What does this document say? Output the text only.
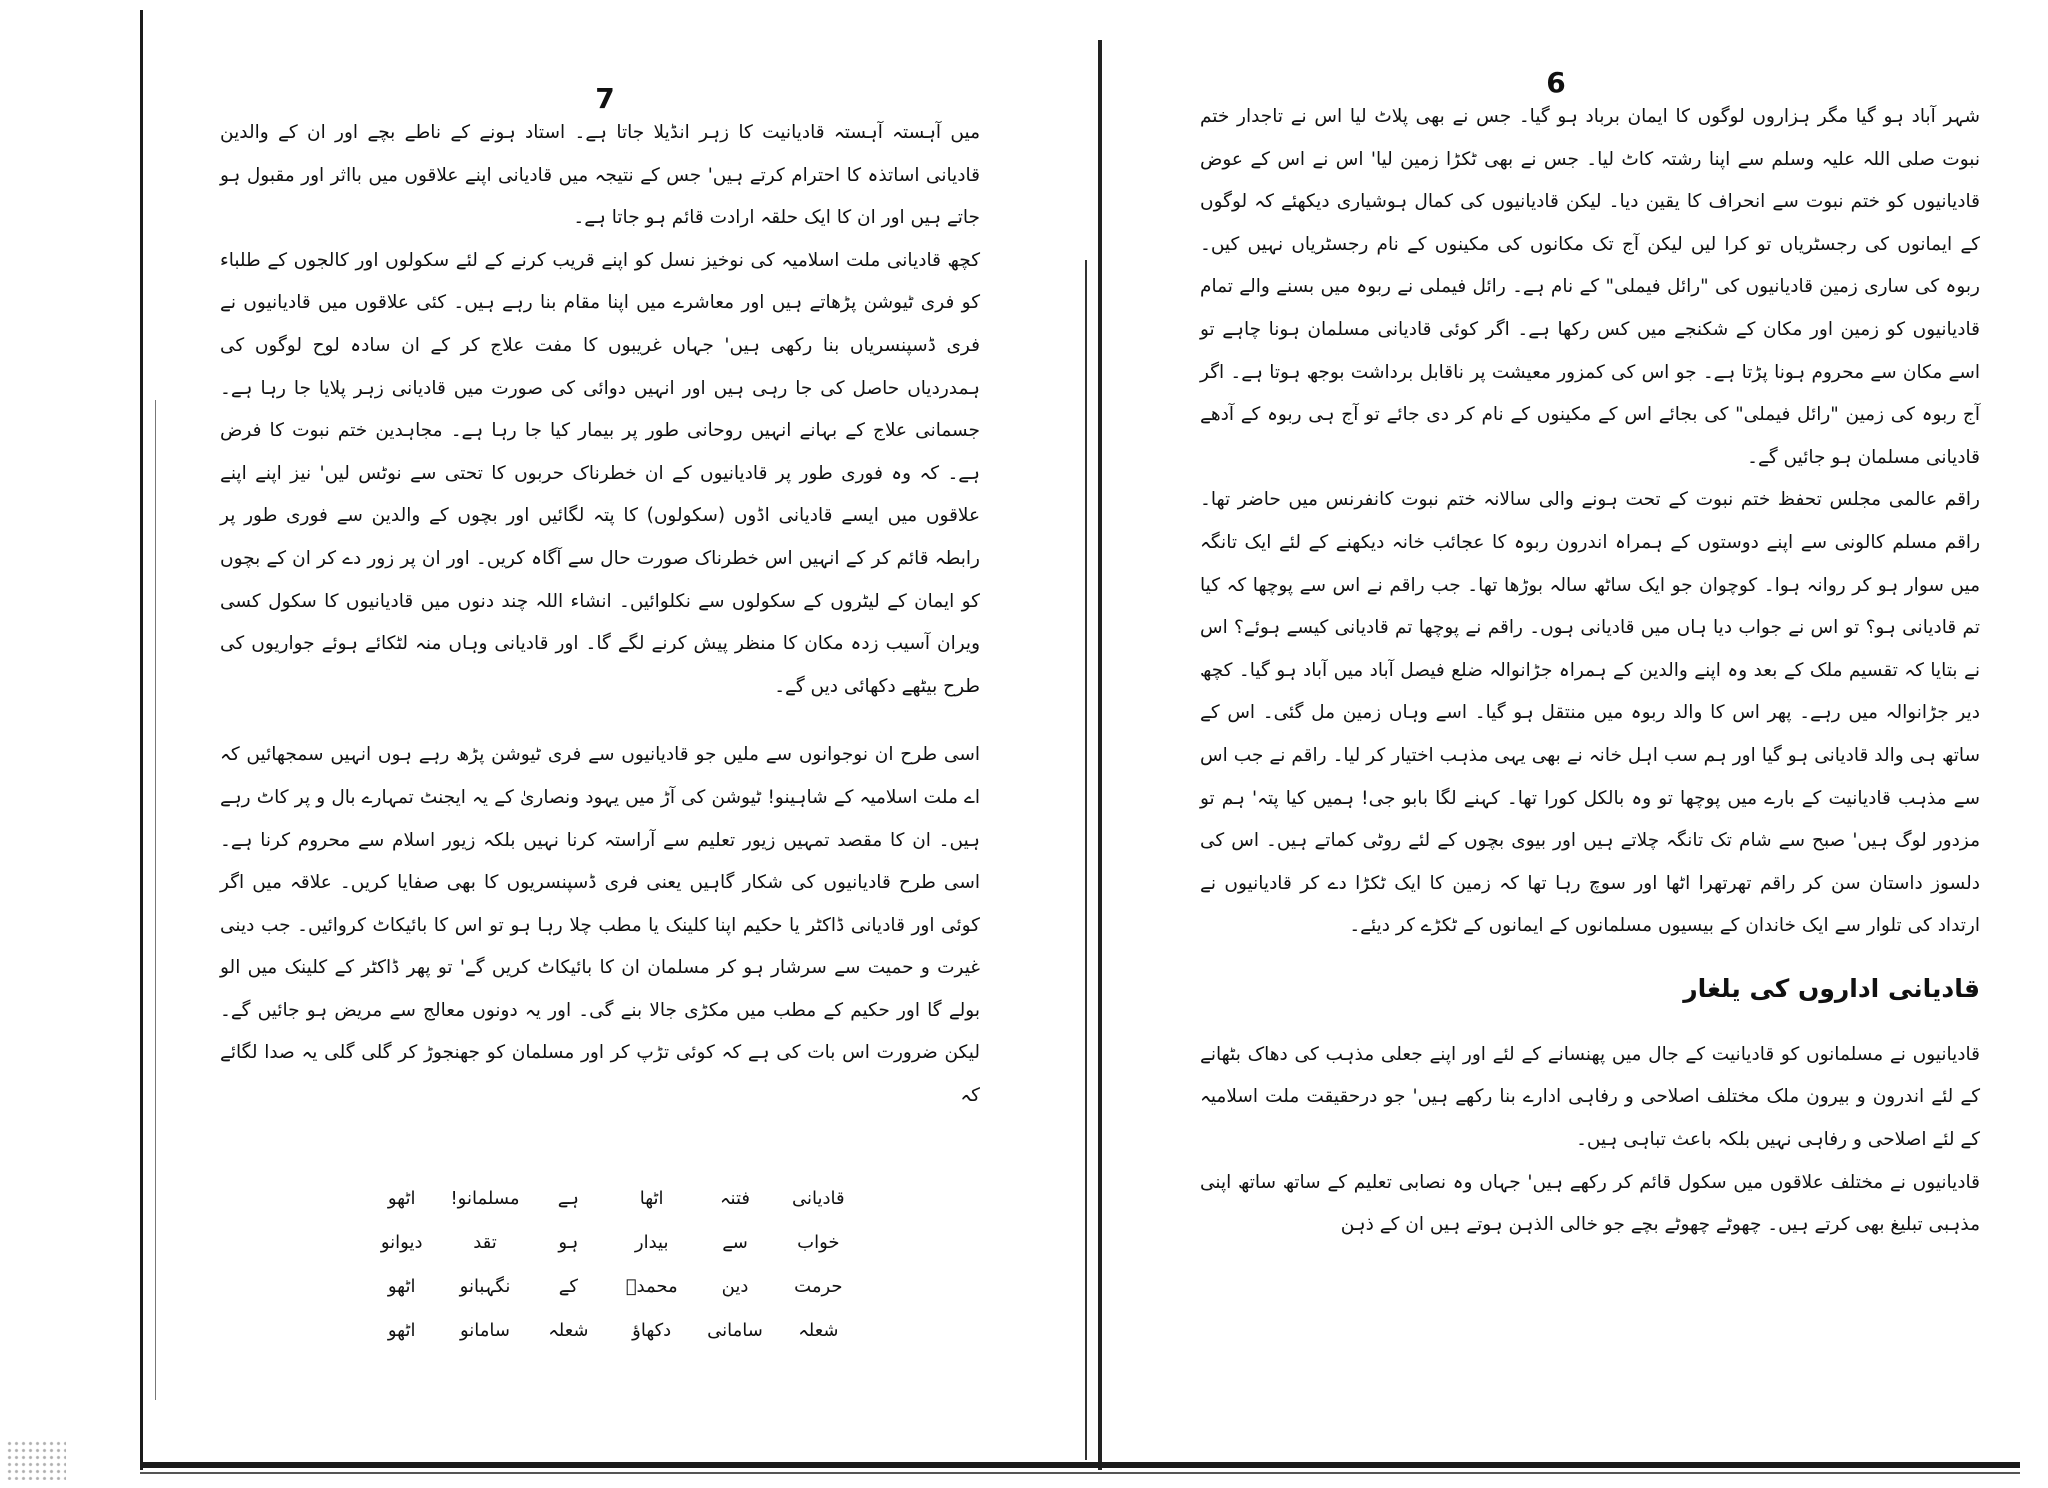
7

میں آہستہ آہستہ قادیانیت کا زہر انڈیلا جاتا ہے۔ استاد ہونے کے ناطے بچے اور ان کے والدین قادیانی اساتذہ کا احترام کرتے ہیں' جس کے نتیجہ میں قادیانی اپنے علاقوں میں بااثر اور مقبول ہو جاتے ہیں اور ان کا ایک حلقہ ارادت قائم ہو جاتا ہے۔

کچھ قادیانی ملت اسلامیہ کی نوخیز نسل کو اپنے قریب کرنے کے لئے سکولوں اور کالجوں کے طلباء کو فری ٹیوشن پڑھاتے ہیں اور معاشرے میں اپنا مقام بنا رہے ہیں۔ کئی علاقوں میں قادیانیوں نے فری ڈسپنسریاں بنا رکھی ہیں' جہاں غریبوں کا مفت علاج کر کے ان سادہ لوح لوگوں کی ہمدردیاں حاصل کی جا رہی ہیں اور انہیں دوائی کی صورت میں قادیانی زہر پلایا جا رہا ہے۔ جسمانی علاج کے بہانے انہیں روحانی طور پر بیمار کیا جا رہا ہے۔ مجاہدین ختم نبوت کا فرض ہے۔ کہ وہ فوری طور پر قادیانیوں کے ان خطرناک حربوں کا تحتی سے نوٹس لیں' نیز اپنے اپنے علاقوں میں ایسے قادیانی اڈوں (سکولوں) کا پتہ لگائیں اور بچوں کے والدین سے فوری طور پر رابطہ قائم کر کے انہیں اس خطرناک صورت حال سے آگاہ کریں۔ اور ان پر زور دے کر ان کے بچوں کو ایمان کے لیٹروں کے سکولوں سے نکلوائیں۔ انشاء اللہ چند دنوں میں قادیانیوں کا سکول کسی ویران آسیب زدہ مکان کا منظر پیش کرنے لگے گا۔ اور قادیانی وہاں منہ لٹکائے ہوئے جواریوں کی طرح بیٹھے دکھائی دیں گے۔

اسی طرح ان نوجوانوں سے ملیں جو قادیانیوں سے فری ٹیوشن پڑھ رہے ہوں انہیں سمجھائیں کہ اے ملت اسلامیہ کے شاہینو! ٹیوشن کی آڑ میں یہود ونصاریٰ کے یہ ایجنٹ تمہارے بال و پر کاٹ رہے ہیں۔ ان کا مقصد تمہیں زیور تعلیم سے آراستہ کرنا نہیں بلکہ زیور اسلام سے محروم کرنا ہے۔ اسی طرح قادیانیوں کی شکار گاہیں یعنی فری ڈسپنسریوں کا بھی صفایا کریں۔ علاقہ میں اگر کوئی اور قادیانی ڈاکٹر یا حکیم اپنا کلینک یا مطب چلا رہا ہو تو اس کا بائیکاٹ کروائیں۔ جب دینی غیرت و حمیت سے سرشار ہو کر مسلمان ان کا بائیکاٹ کریں گے' تو پھر ڈاکٹر کے کلینک میں الو بولے گا اور حکیم کے مطب میں مکڑی جالا بنے گی۔ اور یہ دونوں معالج سے مریض ہو جائیں گے۔ لیکن ضرورت اس بات کی ہے کہ کوئی تڑپ کر اور مسلمان کو جھنجوڑ کر گلی گلی یہ صدا لگائے کہ

قادیانی
فتنہ
اٹھا
ہے
مسلمانو!
اٹھو
خواب
سے
بیدار
ہو
تقد
دیوانو
حرمت
دین
محمدؐ
کے
نگہبانو
اٹھو
شعلہ
سامانی
دکھاؤ
شعلہ
سامانو
اٹھو
6

شہر آباد ہو گیا مگر ہزاروں لوگوں کا ایمان برباد ہو گیا۔ جس نے بھی پلاٹ لیا اس نے تاجدار ختم نبوت صلی اللہ علیہ وسلم سے اپنا رشتہ کاٹ لیا۔ جس نے بھی ٹکڑا زمین لیا' اس نے اس کے عوض قادیانیوں کو ختم نبوت سے انحراف کا یقین دیا۔ لیکن قادیانیوں کی کمال ہوشیاری دیکھئے کہ لوگوں کے ایمانوں کی رجسٹریاں تو کرا لیں لیکن آج تک مکانوں کی مکینوں کے نام رجسٹریاں نہیں کیں۔ ربوہ کی ساری زمین قادیانیوں کی "رائل فیملی" کے نام ہے۔ رائل فیملی نے ربوہ میں بسنے والے تمام قادیانیوں کو زمین اور مکان کے شکنجے میں کس رکھا ہے۔ اگر کوئی قادیانی مسلمان ہونا چاہے تو اسے مکان سے محروم ہونا پڑتا ہے۔ جو اس کی کمزور معیشت پر ناقابل برداشت بوجھ ہوتا ہے۔ اگر آج ربوہ کی زمین "رائل فیملی" کی بجائے اس کے مکینوں کے نام کر دی جائے تو آج ہی ربوہ کے آدھے قادیانی مسلمان ہو جائیں گے۔

راقم عالمی مجلس تحفظ ختم نبوت کے تحت ہونے والی سالانہ ختم نبوت کانفرنس میں حاضر تھا۔ راقم مسلم کالونی سے اپنے دوستوں کے ہمراہ اندرون ربوہ کا عجائب خانہ دیکھنے کے لئے ایک تانگہ میں سوار ہو کر روانہ ہوا۔ کوچوان جو ایک ساٹھ سالہ بوڑھا تھا۔ جب راقم نے اس سے پوچھا کہ کیا تم قادیانی ہو؟ تو اس نے جواب دیا ہاں میں قادیانی ہوں۔ راقم نے پوچھا تم قادیانی کیسے ہوئے؟ اس نے بتایا کہ تقسیم ملک کے بعد وہ اپنے والدین کے ہمراہ جڑانوالہ ضلع فیصل آباد میں آباد ہو گیا۔ کچھ دیر جڑانوالہ میں رہے۔ پھر اس کا والد ربوہ میں منتقل ہو گیا۔ اسے وہاں زمین مل گئی۔ اس کے ساتھ ہی والد قادیانی ہو گیا اور ہم سب اہل خانہ نے بھی یہی مذہب اختیار کر لیا۔ راقم نے جب اس سے مذہب قادیانیت کے بارے میں پوچھا تو وہ بالکل کورا تھا۔ کہنے لگا بابو جی! ہمیں کیا پتہ' ہم تو مزدور لوگ ہیں' صبح سے شام تک تانگہ چلاتے ہیں اور بیوی بچوں کے لئے روٹی کماتے ہیں۔ اس کی دلسوز داستان سن کر راقم تھرتھرا اٹھا اور سوچ رہا تھا کہ زمین کا ایک ٹکڑا دے کر قادیانیوں نے ارتداد کی تلوار سے ایک خاندان کے بیسیوں مسلمانوں کے ایمانوں کے ٹکڑے کر دیئے۔

قادیانی اداروں کی یلغار

قادیانیوں نے مسلمانوں کو قادیانیت کے جال میں پھنسانے کے لئے اور اپنے جعلی مذہب کی دھاک بٹھانے کے لئے اندرون و بیرون ملک مختلف اصلاحی و رفاہی ادارے بنا رکھے ہیں' جو درحقیقت ملت اسلامیہ کے لئے اصلاحی و رفاہی نہیں بلکہ باعث تباہی ہیں۔

قادیانیوں نے مختلف علاقوں میں سکول قائم کر رکھے ہیں' جہاں وہ نصابی تعلیم کے ساتھ ساتھ اپنی مذہبی تبلیغ بھی کرتے ہیں۔ چھوٹے چھوٹے بچے جو خالی الذہن ہوتے ہیں ان کے ذہن
